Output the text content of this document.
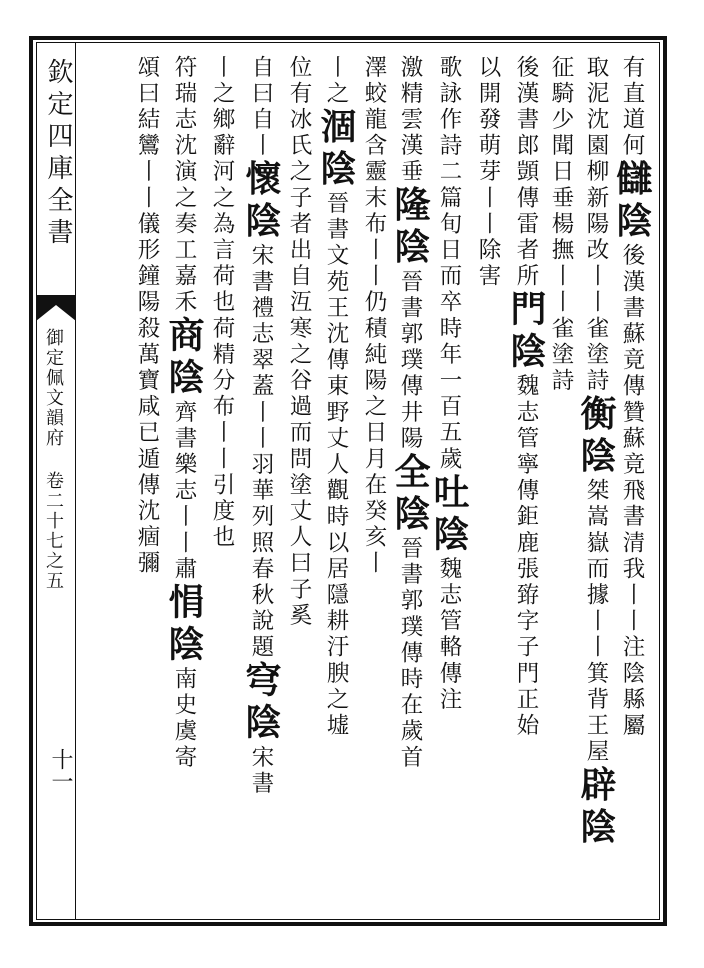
欽定四庫全書
御定佩文韻府 卷二十七之五
十一
有直道何讎陰後漢書蘇竟傳贊蘇竟飛書清我丨丨注陰縣屬
取泥沈園柳新陽改丨丨雀塗詩衡陰桀嵩嶽而據丨丨箕背王屋辟陰
征騎少聞日垂楊撫丨丨雀塗詩
後漢書郎顗傳雷者所門陰魏志管寧傳鉅鹿張臶字子門正始
以開發萌芽丨丨除害
歌詠作詩二篇旬日而卒時年一百五歲吐陰魏志管輅傳注
激精雲漢垂隆陰晉書郭璞傳井陽全陰晉書郭璞傳時在歲首
澤蛟龍含靈末布丨丨仍積純陽之日月在癸亥丨
丨之涸陰晉書文苑王沈傳東野丈人觀時以居隱耕汙腴之墟
位有冰氏之子者出自沍寒之谷過而問塗丈人曰子奚
自曰自丨懷陰宋書禮志翠蓋丨丨羽華列照春秋說題穹陰宋書
丨之鄉辭河之為言荷也荷精分布丨丨引度也
符瑞志沈演之奏工嘉禾商陰齊書樂志丨丨肅悁陰南史虞寄
頌曰結鸞丨丨儀形鐘陽殺萬寶咸已遁傳沈痼彌
